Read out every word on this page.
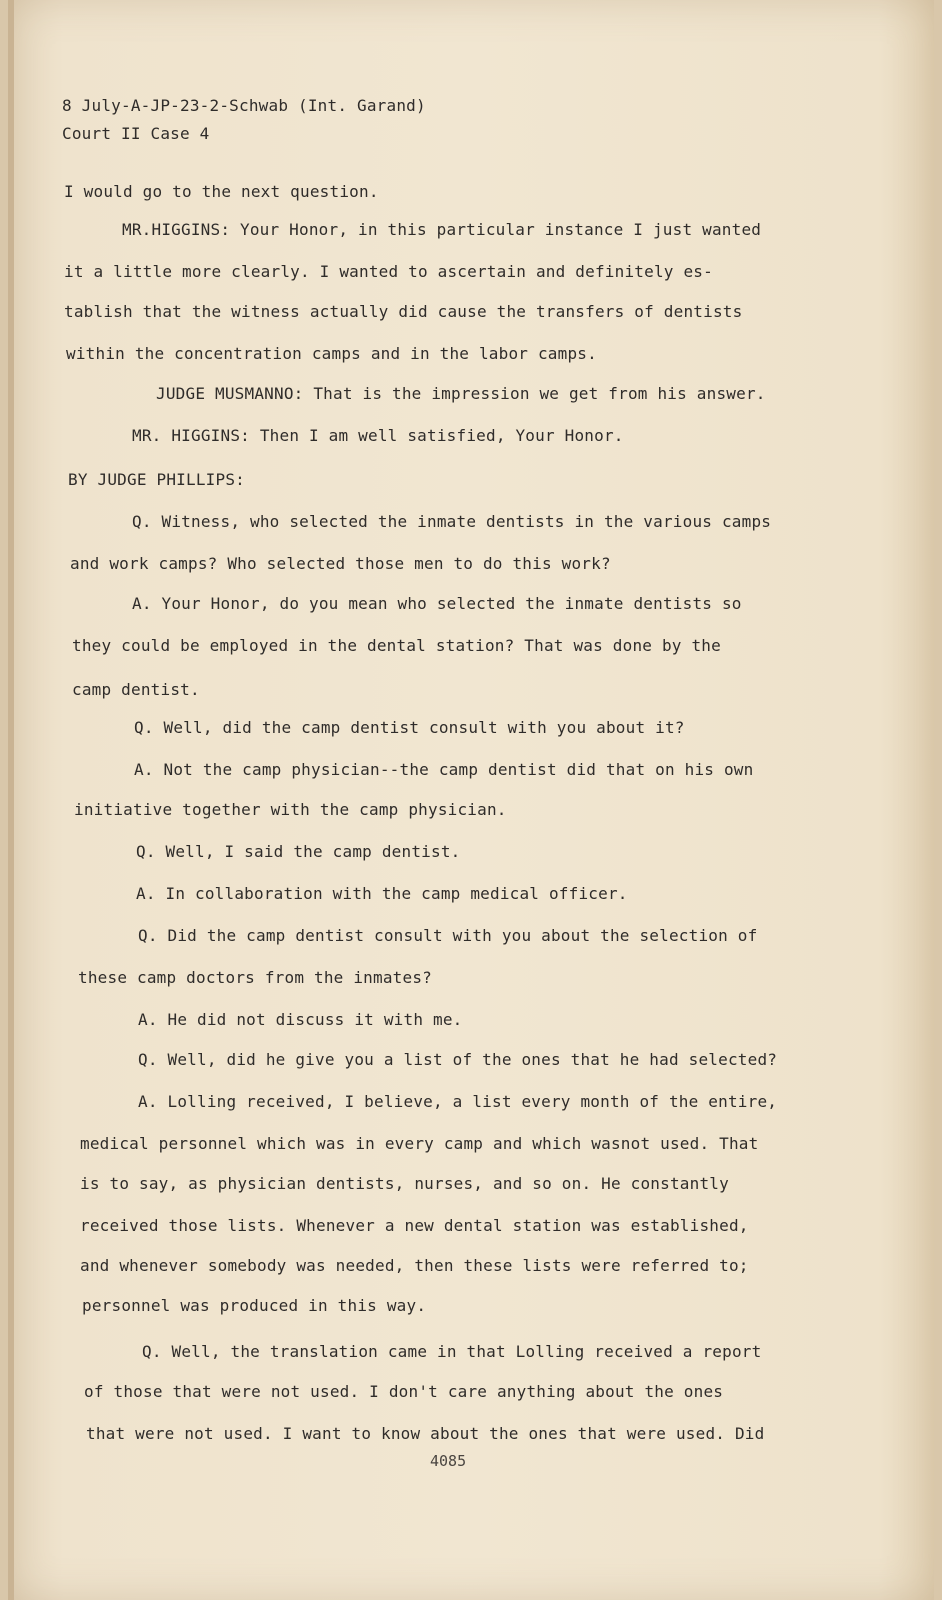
8 July-A-JP-23-2-Schwab (Int. Garand)
Court II Case 4
I would go to the next question.
MR.HIGGINS: Your Honor, in this particular instance I just wanted
it a little more clearly. I wanted to ascertain and definitely es-
tablish that the witness actually did cause the transfers of dentists
within the concentration camps and in the labor camps.
JUDGE MUSMANNO: That is the impression we get from his answer.
MR. HIGGINS: Then I am well satisfied, Your Honor.
BY JUDGE PHILLIPS:
Q. Witness, who selected the inmate dentists in the various camps
and work camps? Who selected those men to do this work?
A. Your Honor, do you mean who selected the inmate dentists so
they could be employed in the dental station? That was done by the
camp dentist.
Q. Well, did the camp dentist consult with you about it?
A. Not the camp physician--the camp dentist did that on his own
initiative together with the camp physician.
Q. Well, I said the camp dentist.
A. In collaboration with the camp medical officer.
Q. Did the camp dentist consult with you about the selection of
these camp doctors from the inmates?
A. He did not discuss it with me.
Q. Well, did he give you a list of the ones that he had selected?
A. Lolling received, I believe, a list every month of the entire,
medical personnel which was in every camp and which wasnot used. That
is to say, as physician dentists, nurses, and so on. He constantly
received those lists. Whenever a new dental station was established,
and whenever somebody was needed, then these lists were referred to;
personnel was produced in this way.
Q. Well, the translation came in that Lolling received a report
of those that were not used. I don't care anything about the ones
that were not used. I want to know about the ones that were used. Did
4085
